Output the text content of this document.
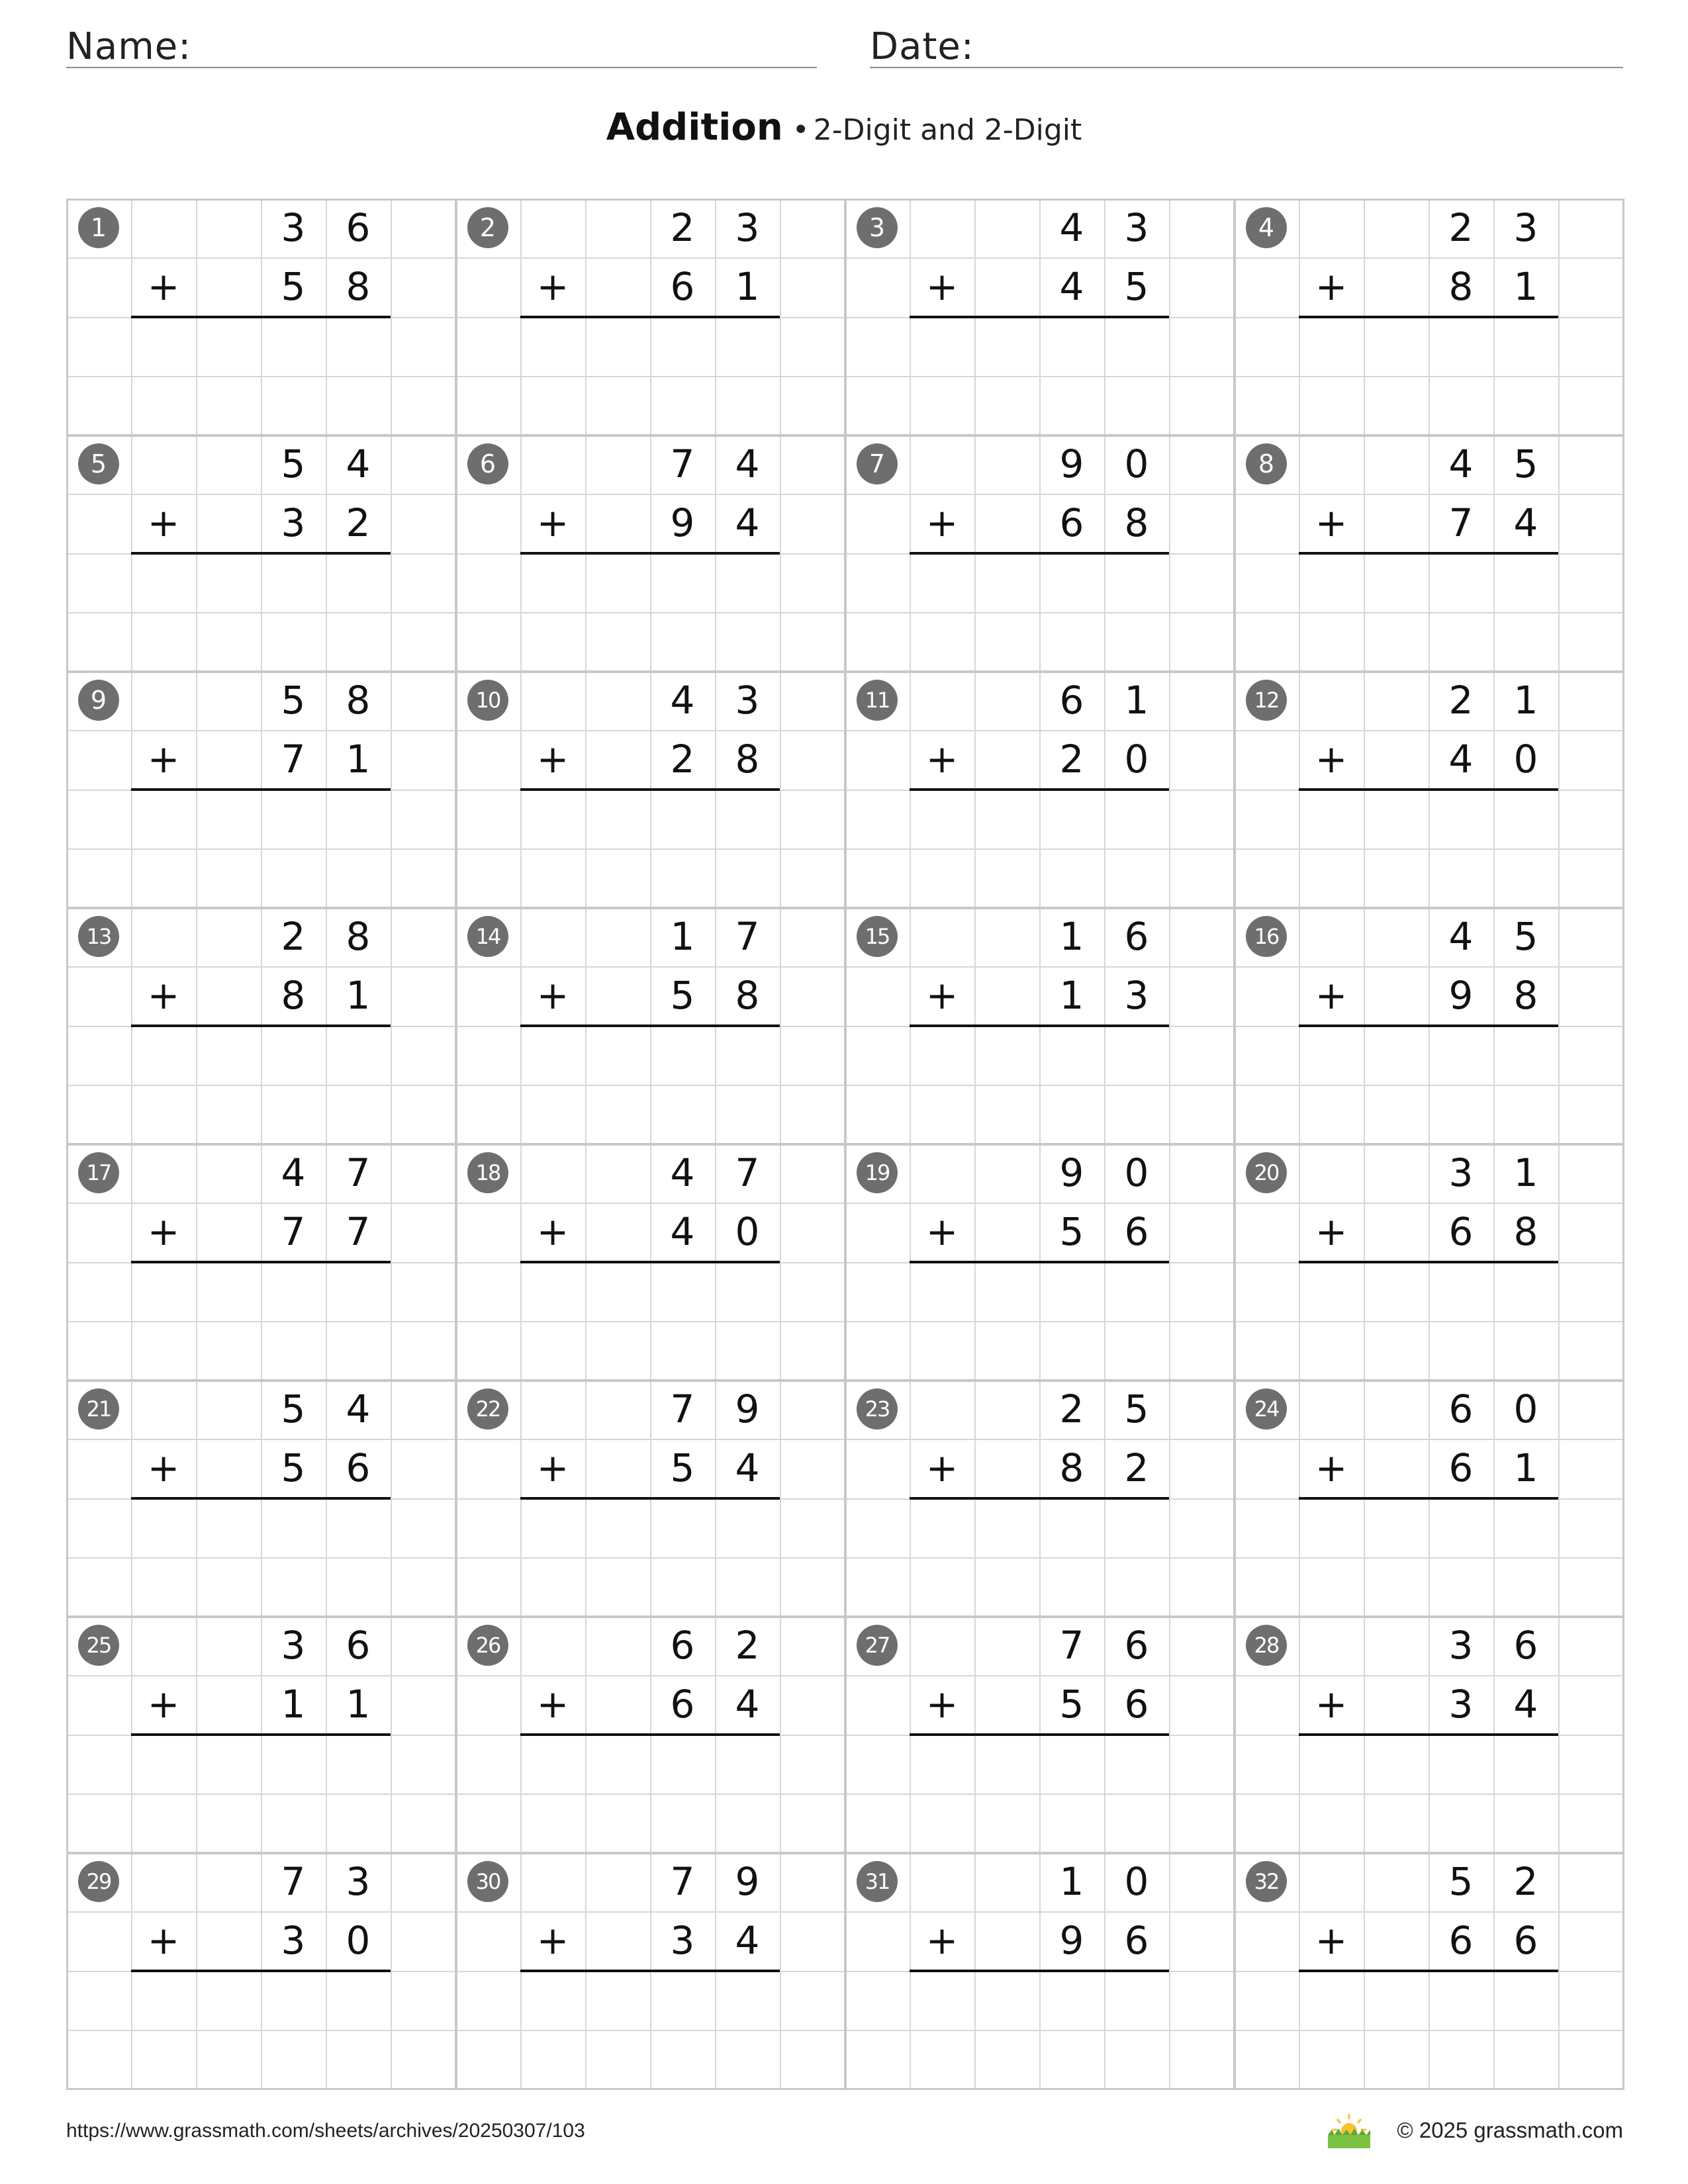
Name:	Date:
Addition • 2-Digit and 2-Digit
1	3	6
+	5	8
2	2	3
+	6	1
3	4	3
+	4	5
4	2	3
+	8	1
5	5	4
+	3	2
6	7	4
+	9	4
7	9	0
+	6	8
8	4	5
+	7	4
9	5	8
+	7	1
10	4	3
+	2	8
11	6	1
+	2	0
12	2	1
+	4	0
13	2	8
+	8	1
14	1	7
+	5	8
15	1	6
+	1	3
16	4	5
+	9	8
17	4	7
+	7	7
18	4	7
+	4	0
19	9	0
+	5	6
20	3	1
+	6	8
21	5	4
+	5	6
22	7	9
+	5	4
23	2	5
+	8	2
24	6	0
+	6	1
25	3	6
+	1	1
26	6	2
+	6	4
27	7	6
+	5	6
28	3	6
+	3	4
29	7	3
+	3	0
30	7	9
+	3	4
31	1	0
+	9	6
32	5	2
+	6	6
https://www.grassmath.com/sheets/archives/20250307/103	© 2025 grassmath.com
